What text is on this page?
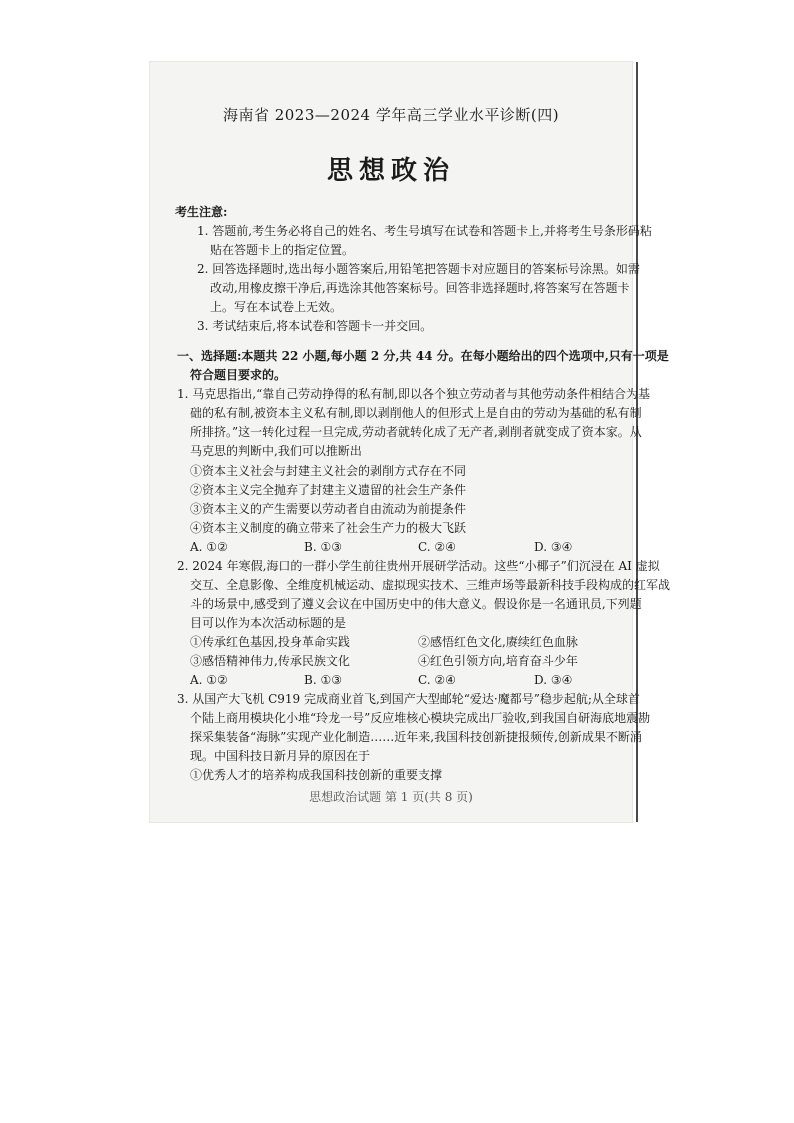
海南省 2023—2024 学年高三学业水平诊断(四)
思想政治
考生注意:
1. 答题前,考生务必将自己的姓名、考生号填写在试卷和答题卡上,并将考生号条形码粘
贴在答题卡上的指定位置。
2. 回答选择题时,选出每小题答案后,用铅笔把答题卡对应题目的答案标号涂黑。如需
改动,用橡皮擦干净后,再选涂其他答案标号。回答非选择题时,将答案写在答题卡
上。写在本试卷上无效。
3. 考试结束后,将本试卷和答题卡一并交回。
一、选择题:本题共 22 小题,每小题 2 分,共 44 分。在每小题给出的四个选项中,只有一项是
符合题目要求的。
1. 马克思指出,“靠自己劳动挣得的私有制,即以各个独立劳动者与其他劳动条件相结合为基
础的私有制,被资本主义私有制,即以剥削他人的但形式上是自由的劳动为基础的私有制
所排挤。”这一转化过程一旦完成,劳动者就转化成了无产者,剥削者就变成了资本家。从
马克思的判断中,我们可以推断出
①资本主义社会与封建主义社会的剥削方式存在不同
②资本主义完全抛弃了封建主义遗留的社会生产条件
③资本主义的产生需要以劳动者自由流动为前提条件
④资本主义制度的确立带来了社会生产力的极大飞跃
A. ①②	B. ①③	C. ②④	D. ③④
2. 2024 年寒假,海口的一群小学生前往贵州开展研学活动。这些“小椰子”们沉浸在 AI 虚拟
交互、全息影像、全维度机械运动、虚拟现实技术、三维声场等最新科技手段构成的红军战
斗的场景中,感受到了遵义会议在中国历史中的伟大意义。假设你是一名通讯员,下列题
目可以作为本次活动标题的是
①传承红色基因,投身革命实践	②感悟红色文化,赓续红色血脉
③感悟精神伟力,传承民族文化	④红色引领方向,培育奋斗少年
A. ①②	B. ①③	C. ②④	D. ③④
3. 从国产大飞机 C919 完成商业首飞,到国产大型邮轮“爱达·魔都号”稳步起航;从全球首
个陆上商用模块化小堆“玲龙一号”反应堆核心模块完成出厂验收,到我国自研海底地震勘
探采集装备“海脉”实现产业化制造……近年来,我国科技创新捷报频传,创新成果不断涌
现。中国科技日新月异的原因在于
①优秀人才的培养构成我国科技创新的重要支撑
思想政治试题 第 1 页(共 8 页)
